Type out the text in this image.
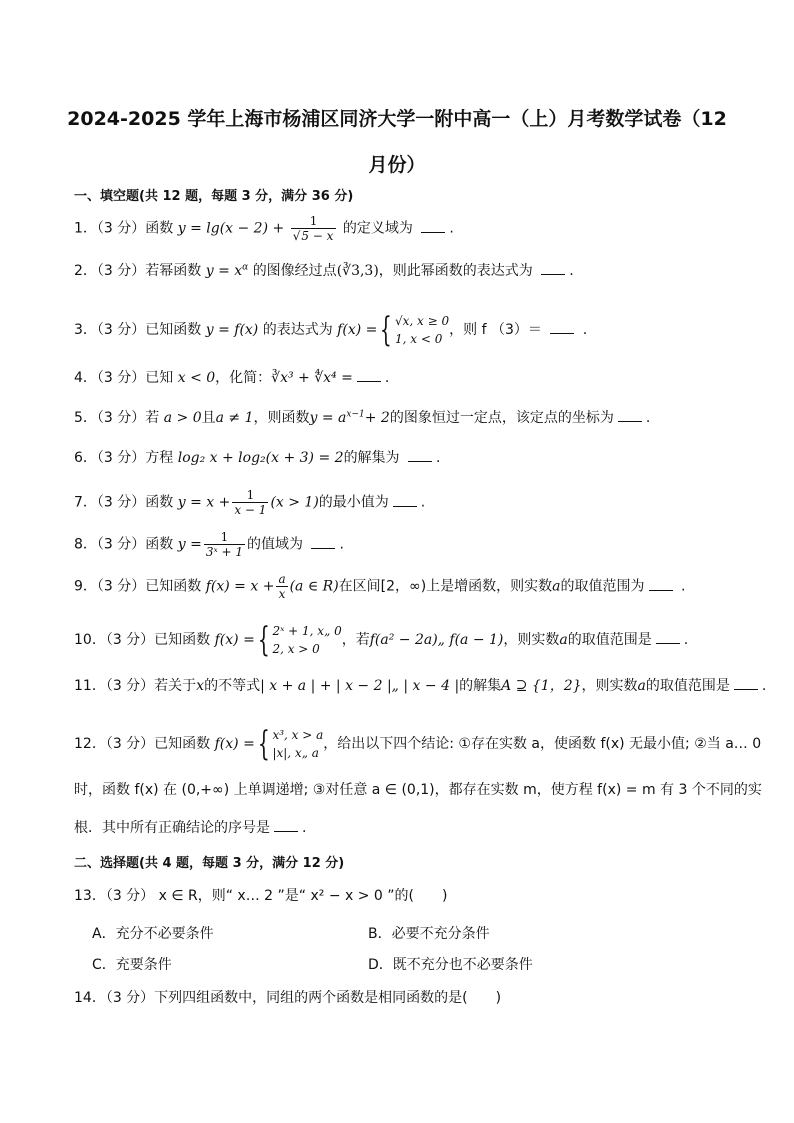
2024-2025 学年上海市杨浦区同济大学一附中高一（上）月考数学试卷（12
月份）
一、填空题(共 12 题，每题 3 分，满分 36 分)
1．（3 分）函数 $y = \lg(x - 2) + \frac{1}{√5 - x}$ 的定义域为	.
2．（3 分）若幂函数 $y = x^\alpha$ 的图像经过点(∛3,3)，则此幂函数的表达式为	.
3．（3 分）已知函数 y = f(x) 的表达式为 f(x) ={ √x, x ≥ 0
1, x < 0
，则 f （3）＝	.
4．（3 分）已知 x < 0，化简：∛x³ + ∜x⁴ = .
5．（3 分）若 a > 0且a ≠ 1，则函数$y = a^{x-1}+ 2$的图象恒过一定点，该定点的坐标为 .
6．（3 分）方程 log₂ x + log₂(x + 3) = 2的解集为	.
7．（3 分）函数 $y = x + \frac{1}{x - 1} (x > 1)$的最小值为 .
8．（3 分）函数 $y = \frac{1}{\text{3ˣ + 1}}$ 的值域为	.
9．（3 分）已知函数 $f(x) = x + \frac{a}{x} (a$ ∈ R)在区间[2，∞)上是增函数，则实数a的取值范围为 .
10．（3 分）已知函数 f(x) ={ 2ˣ + 1, x„ 0
2, x > 0
，若f(a² − 2a)„ f(a − 1)，则实数a的取值范围是 .
11．（3 分）若关于x的不等式| x + a | + | x − 2 |„ | x − 4 |的解集A ⊇ {1，2}，则实数a的取值范围是 .
12．（3 分）已知函数 f(x) ={ x³, x > a
|x|, x„ a
，给出以下四个结论: ①存在实数 a，使函数 f(x) 无最小值; ②当 a… 0
时，函数 f(x) 在 (0,+∞) 上单调递增; ③对任意 a ∈ (0,1)，都存在实数 m，使方程 f(x) = m 有 3 个不同的实
根．其中所有正确结论的序号是 .
二、选择题(共 4 题，每题 3 分，满分 12 分)
13．（3 分） x ∈ R，则“ x… 2 ”是“ x² − x > 0 ”的(　　)
A．充分不必要条件	B．必要不充分条件
C．充要条件	D．既不充分也不必要条件
14．（3 分）下列四组函数中，同组的两个函数是相同函数的是(　　)
